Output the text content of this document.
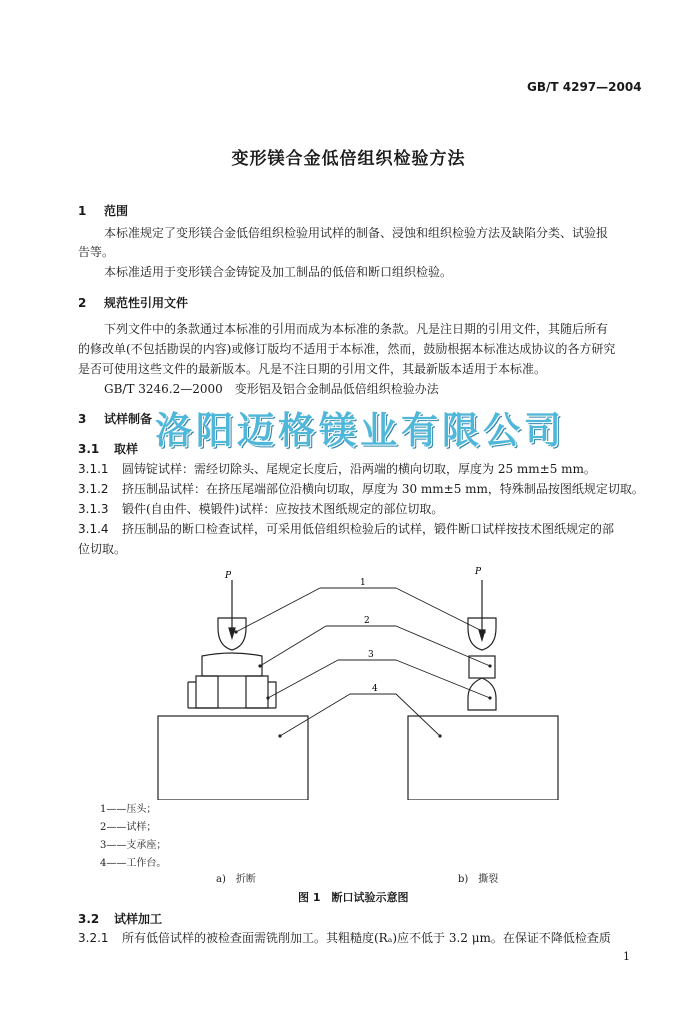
GB/T 4297—2004
变形镁合金低倍组织检验方法
1 范围
本标准规定了变形镁合金低倍组织检验用试样的制备、浸蚀和组织检验方法及缺陷分类、试验报
告等。
本标准适用于变形镁合金铸锭及加工制品的低倍和断口组织检验。
2 规范性引用文件
下列文件中的条款通过本标准的引用而成为本标准的条款。凡是注日期的引用文件，其随后所有
的修改单(不包括勘误的内容)或修订版均不适用于本标准，然而，鼓励根据本标准达成协议的各方研究
是否可使用这些文件的最新版本。凡是不注日期的引用文件，其最新版本适用于本标准。
GB/T 3246.2—2000　变形铝及铝合金制品低倍组织检验办法
3 试样制备 洛阳迈格镁业有限公司
3.1 取样
3.1.1 圆铸锭试样：需经切除头、尾规定长度后，沿两端的横向切取，厚度为 25 mm±5 mm。
3.1.2 挤压制品试样：在挤压尾端部位沿横向切取，厚度为 30 mm±5 mm，特殊制品按图纸规定切取。
3.1.3 锻件(自由件、模锻件)试样：应按技术图纸规定的部位切取。
3.1.4 挤压制品的断口检查试样，可采用低倍组织检验后的试样，锻件断口试样按技术图纸规定的部
位切取。
P	P
1
2
3
4
1——压头；
2——试样；
3——支承座；
4——工作台。
a)　折断	b)　撕裂
图 1　断口试验示意图
3.2 试样加工
3.2.1 所有低倍试样的被检查面需铣削加工。其粗糙度(Rₐ)应不低于 3.2 μm。在保证不降低检查质
1
